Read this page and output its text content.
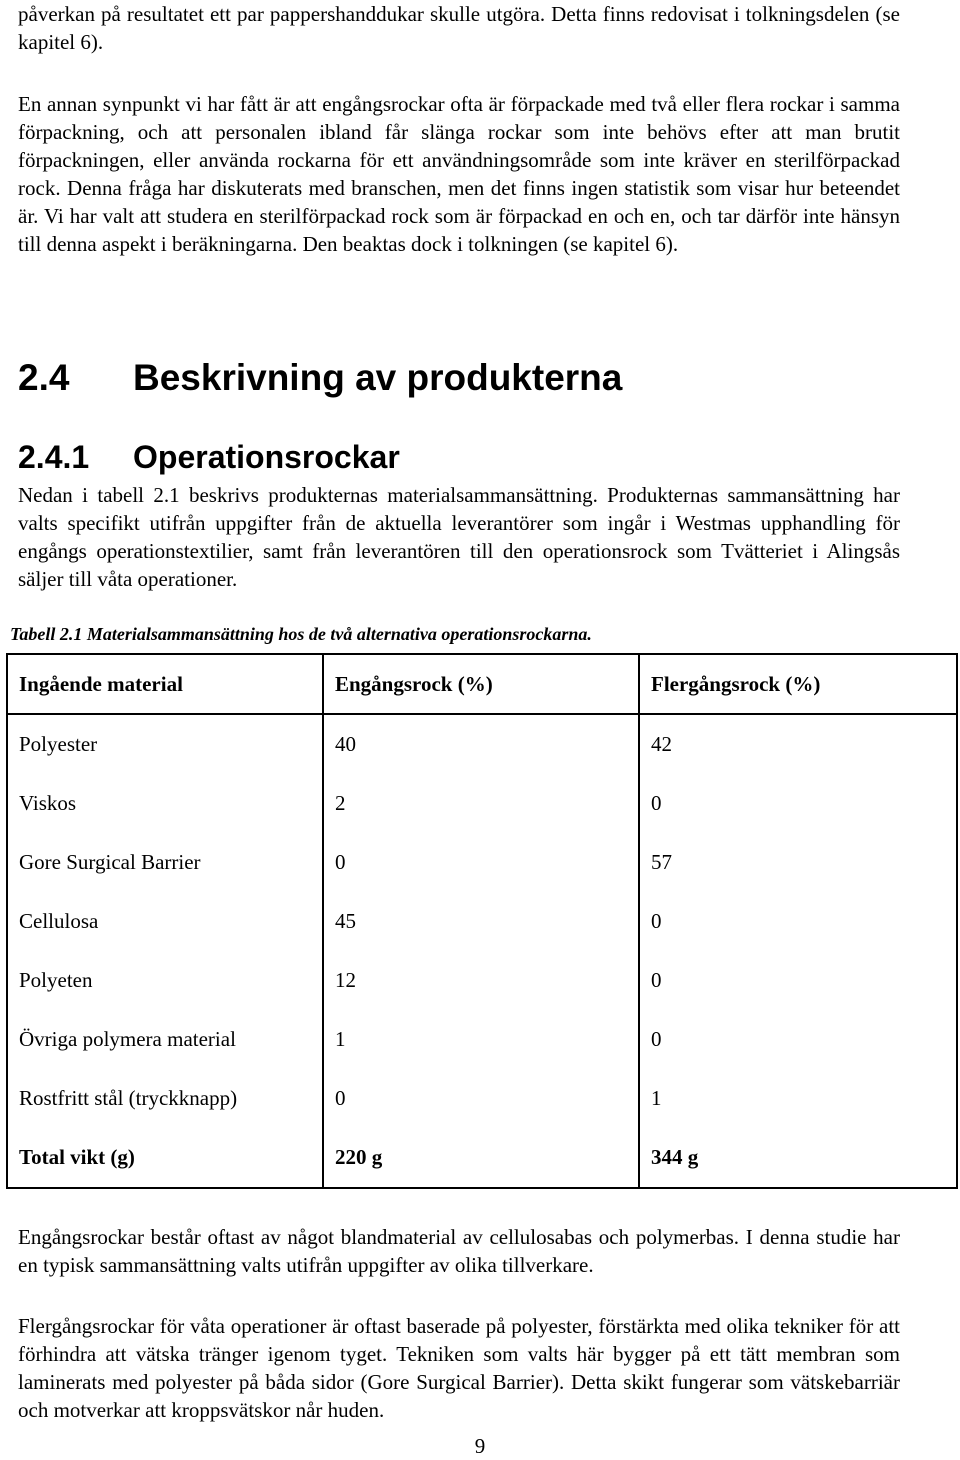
påverkan på resultatet ett par pappershanddukar skulle utgöra. Detta finns redovisat i tolkningsdelen (se kapitel 6).

En annan synpunkt vi har fått är att engångsrockar ofta är förpackade med två eller flera rockar i samma förpackning, och att personalen ibland får slänga rockar som inte behövs efter att man brutit förpackningen, eller använda rockarna för ett användningsområde som inte kräver en sterilförpackad rock. Denna fråga har diskuterats med branschen, men det finns ingen statistik som visar hur beteendet är. Vi har valt att studera en sterilförpackad rock som är förpackad en och en, och tar därför inte hänsyn till denna aspekt i beräkningarna. Den beaktas dock i tolkningen (se kapitel 6).

2.4 Beskrivning av produkterna
2.4.1 Operationsrockar

Nedan i tabell 2.1 beskrivs produkternas materialsammansättning. Produkternas sammansättning har valts specifikt utifrån uppgifter från de aktuella leverantörer som ingår i Westmas upphandling för engångs operationstextilier, samt från leverantören till den operationsrock som Tvätteriet i Alingsås säljer till våta operationer.

Tabell 2.1 Materialsammansättning hos de två alternativa operationsrockarna.

Ingående material	Engångsrock (%)	Flergångsrock (%)
Polyester	40	42
Viskos	2	0
Gore Surgical Barrier	0	57
Cellulosa	45	0
Polyeten	12	0
Övriga polymera material	1	0
Rostfritt stål (tryckknapp)	0	1
Total vikt (g)	220 g	344 g

Engångsrockar består oftast av något blandmaterial av cellulosabas och polymerbas. I denna studie har en typisk sammansättning valts utifrån uppgifter av olika tillverkare.

Flergångsrockar för våta operationer är oftast baserade på polyester, förstärkta med olika tekniker för att förhindra att vätska tränger igenom tyget. Tekniken som valts här bygger på ett tätt membran som laminerats med polyester på båda sidor (Gore Surgical Barrier). Detta skikt fungerar som vätskebarriär och motverkar att kroppsvätskor når huden.

9
